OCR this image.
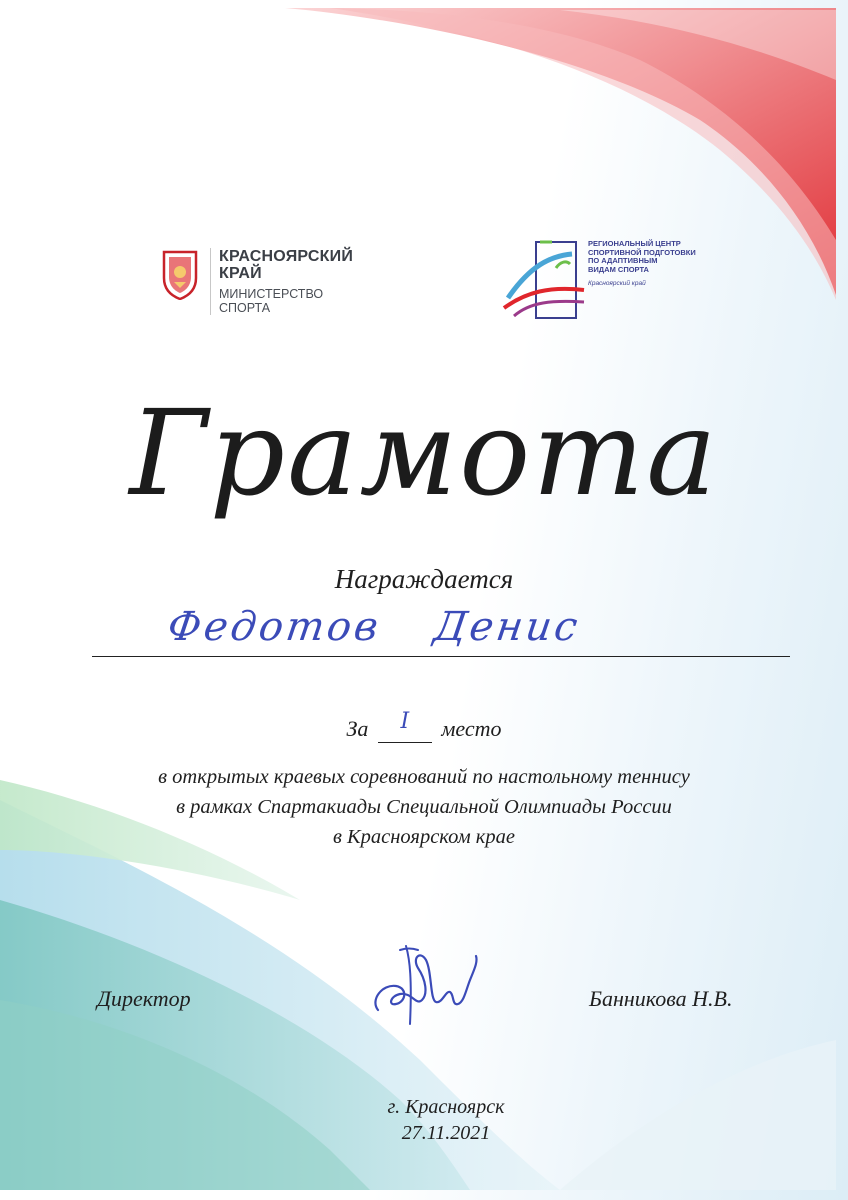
КРАСНОЯРСКИЙ
КРАЙ
МИНИСТЕРСТВО
СПОРТА
РЕГИОНАЛЬНЫЙ ЦЕНТР
СПОРТИВНОЙ ПОДГОТОВКИ
ПО АДАПТИВНЫМ
ВИДАМ СПОРТА
Красноярский край
Грамота
Награждается
Федотов Денис
За I место
в открытых краевых соревнований по настольному теннису
в рамках Спартакиады Специальной Олимпиады России
в Красноярском крае
Директор	Банникова Н.В.
г. Красноярск
27.11.2021
